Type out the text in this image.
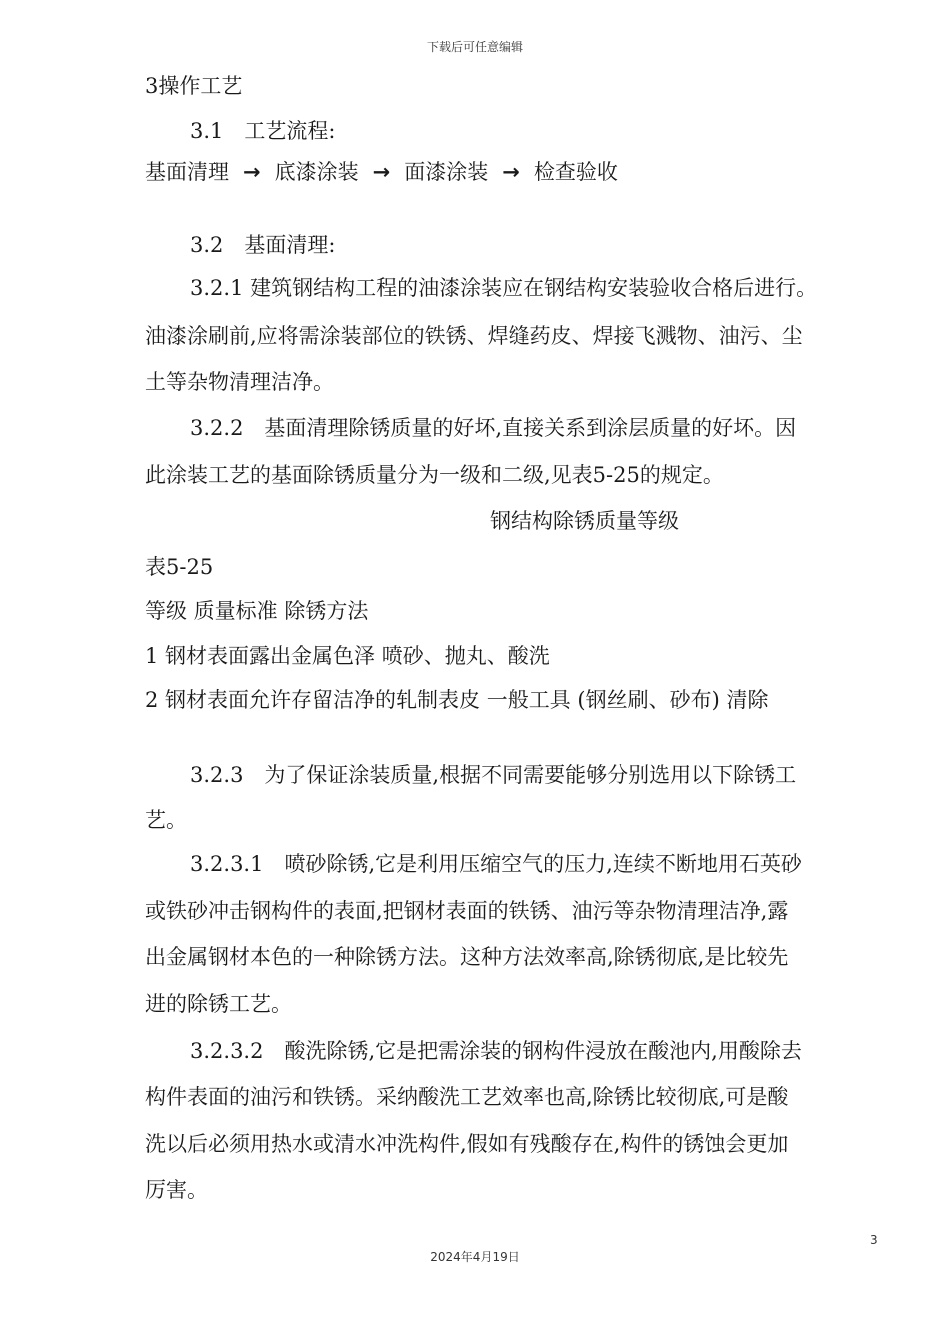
下载后可任意编辑
3操作工艺
3.1　工艺流程:
基面清理 → 底漆涂装 → 面漆涂装 → 检查验收
3.2　基面清理:
3.2.1 建筑钢结构工程的油漆涂装应在钢结构安装验收合格后进行。
油漆涂刷前,应将需涂装部位的铁锈、焊缝药皮、焊接飞溅物、油污、尘
土等杂物清理洁净。
3.2.2　基面清理除锈质量的好坏,直接关系到涂层质量的好坏。因
此涂装工艺的基面除锈质量分为一级和二级,见表5-25的规定。
钢结构除锈质量等级
表5-25
等级 质量标准 除锈方法
1 钢材表面露出金属色泽 喷砂、抛丸、酸洗
2 钢材表面允许存留洁净的轧制表皮 一般工具 (钢丝刷、砂布) 清除
3.2.3　为了保证涂装质量,根据不同需要能够分别选用以下除锈工
艺。
3.2.3.1　喷砂除锈,它是利用压缩空气的压力,连续不断地用石英砂
或铁砂冲击钢构件的表面,把钢材表面的铁锈、油污等杂物清理洁净,露
出金属钢材本色的一种除锈方法。这种方法效率高,除锈彻底,是比较先
进的除锈工艺。
3.2.3.2　酸洗除锈,它是把需涂装的钢构件浸放在酸池内,用酸除去
构件表面的油污和铁锈。采纳酸洗工艺效率也高,除锈比较彻底,可是酸
洗以后必须用热水或清水冲洗构件,假如有残酸存在,构件的锈蚀会更加
厉害。
3
2024年4月19日
